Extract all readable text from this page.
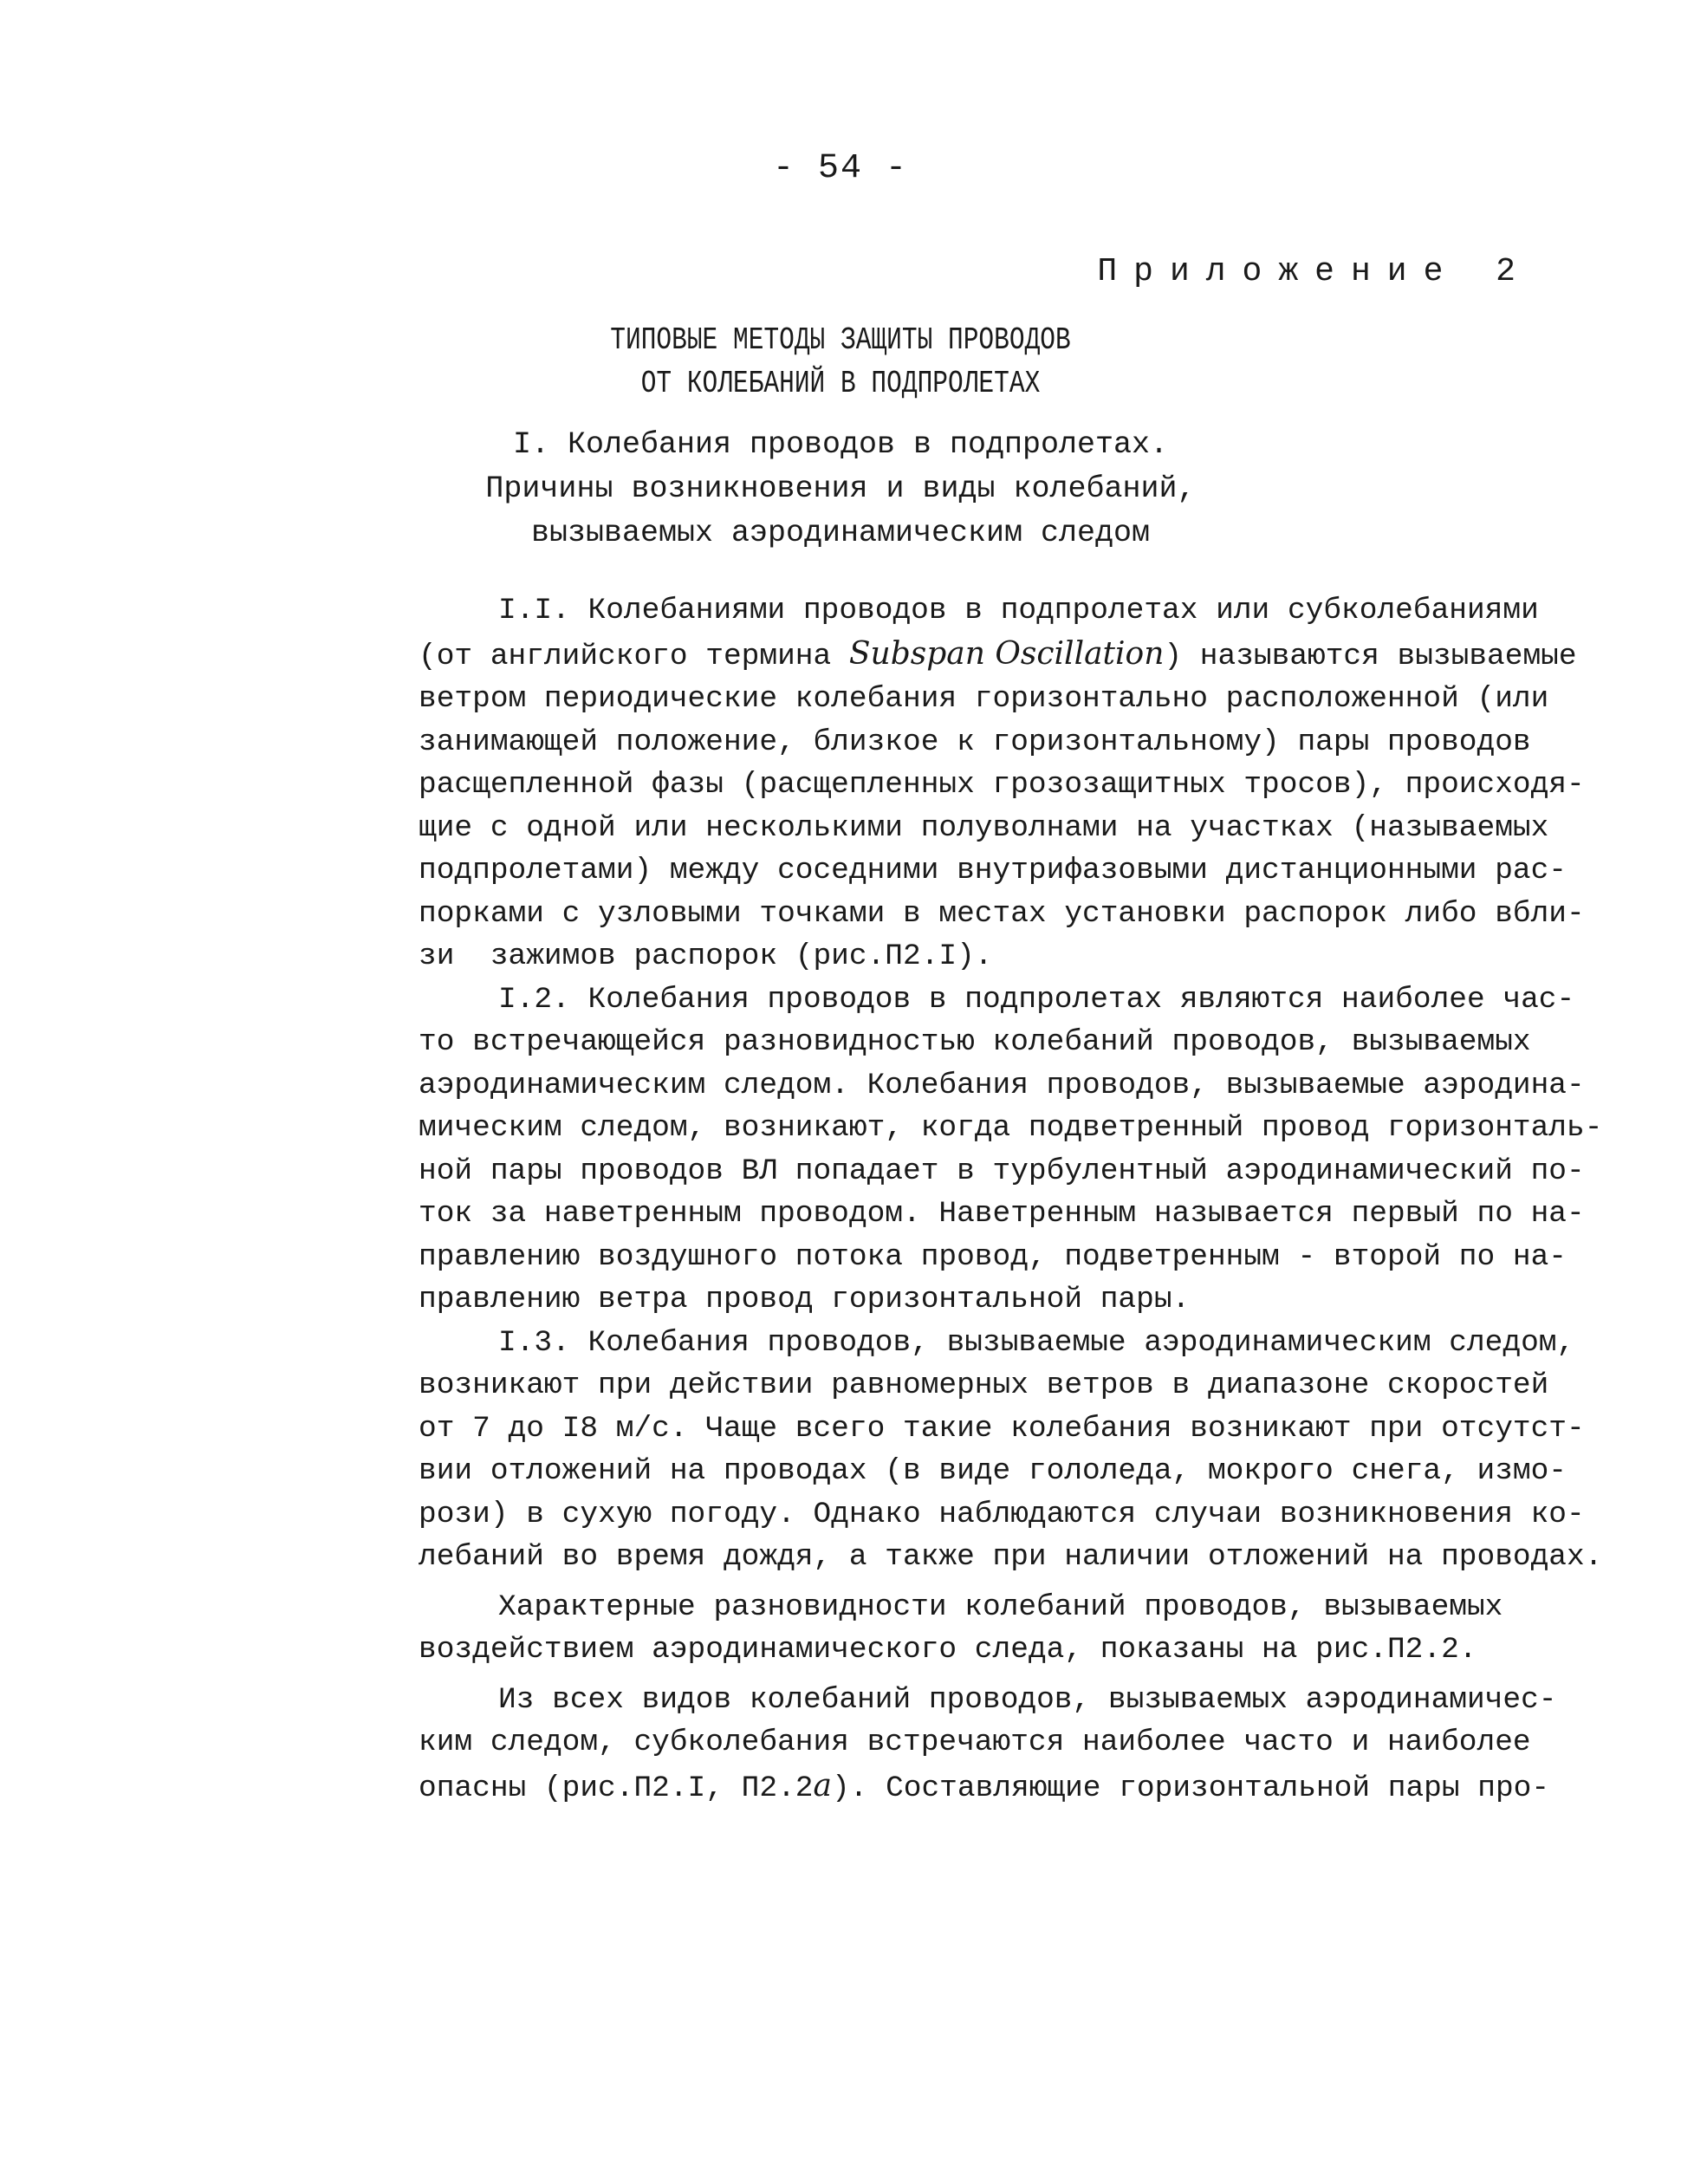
- 54 -
Приложение 2
ТИПОВЫЕ МЕТОДЫ ЗАЩИТЫ ПРОВОДОВ
ОТ КОЛЕБАНИЙ В ПОДПРОЛЕТАХ
I. Колебания проводов в подпролетах.
Причины возникновения и виды колебаний,
вызываемых аэродинамическим следом
I.I. Колебаниями проводов в подпролетах или субколебаниями
(от английского термина Subspan Oscillation) называются вызываемые
ветром периодические колебания горизонтально расположенной (или
занимающей положение, близкое к горизонтальному) пары проводов
расщепленной фазы (расщепленных грозозащитных тросов), происходя-
щие с одной или несколькими полуволнами на участках (называемых
подпролетами) между соседними внутрифазовыми дистанционными рас-
порками с узловыми точками в местах установки распорок либо вбли-
зи  зажимов распорок (рис.П2.I).
I.2. Колебания проводов в подпролетах являются наиболее час-
то встречающейся разновидностью колебаний проводов, вызываемых
аэродинамическим следом. Колебания проводов, вызываемые аэродина-
мическим следом, возникают, когда подветренный провод горизонталь-
ной пары проводов ВЛ попадает в турбулентный аэродинамический по-
ток за наветренным проводом. Наветренным называется первый по на-
правлению воздушного потока провод, подветренным - второй по на-
правлению ветра провод горизонтальной пары.
I.3. Колебания проводов, вызываемые аэродинамическим следом,
возникают при действии равномерных ветров в диапазоне скоростей
от 7 до I8 м/с. Чаще всего такие колебания возникают при отсутст-
вии отложений на проводах (в виде гололеда, мокрого снега, измо-
рози) в сухую погоду. Однако наблюдаются случаи возникновения ко-
лебаний во время дождя, а также при наличии отложений на проводах.
Характерные разновидности колебаний проводов, вызываемых
воздействием аэродинамического следа, показаны на рис.П2.2.
Из всех видов колебаний проводов, вызываемых аэродинамичес-
ким следом, субколебания встречаются наиболее часто и наиболее
опасны (рис.П2.I, П2.2а). Составляющие горизонтальной пары про-
